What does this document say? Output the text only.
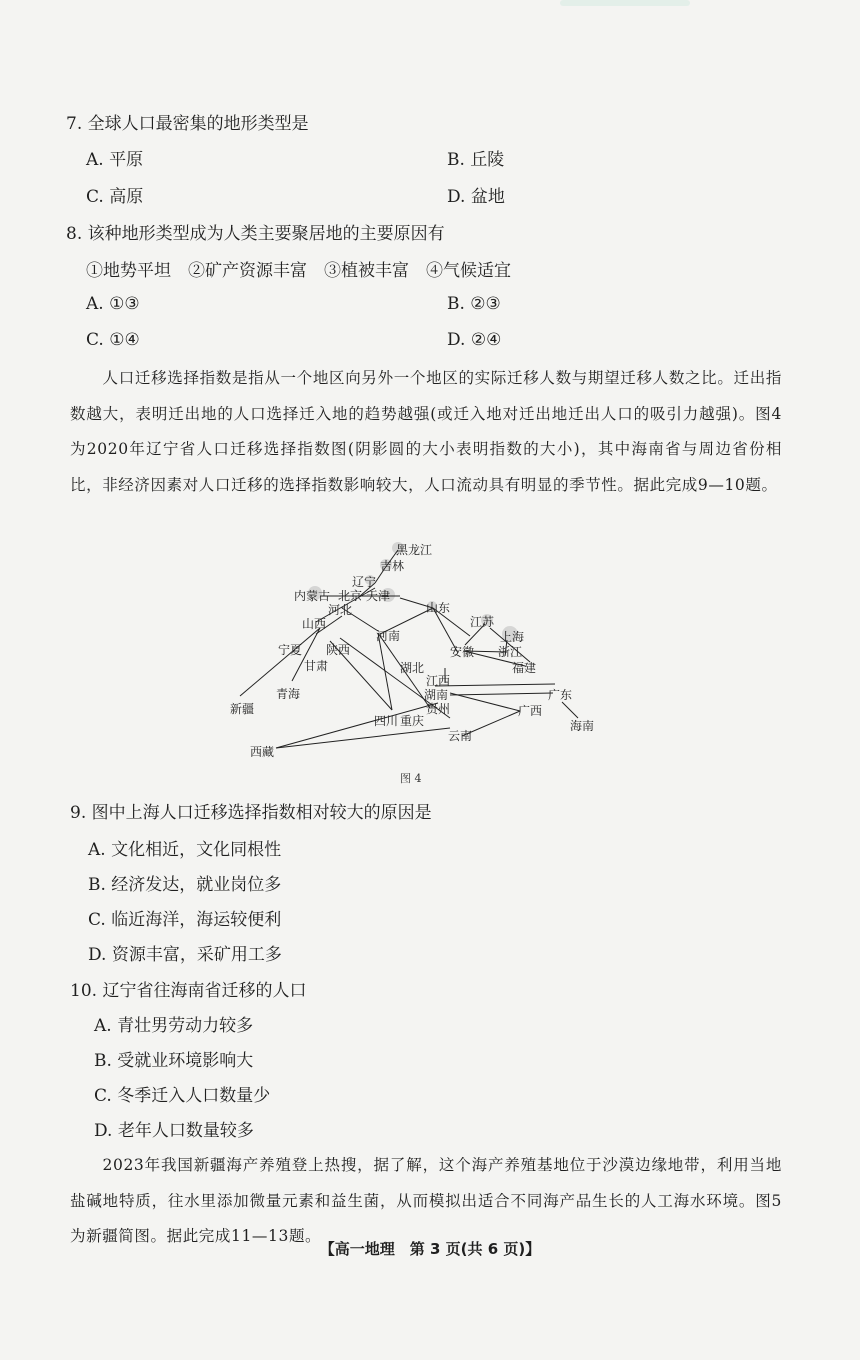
7. 全球人口最密集的地形类型是
A. 平原	B. 丘陵
C. 高原	D. 盆地
8. 该种地形类型成为人类主要聚居地的主要原因有
①地势平坦　②矿产资源丰富　③植被丰富　④气候适宜
A. ①③	B. ②③
C. ①④	D. ②④
人口迁移选择指数是指从一个地区向另外一个地区的实际迁移人数与期望迁移人数之比。迁出指数越大，表明迁出地的人口选择迁入地的趋势越强(或迁入地对迁出地迁出人口的吸引力越强)。图4为2020年辽宁省人口迁移选择指数图(阴影圆的大小表明指数的大小)，其中海南省与周边省份相比，非经济因素对人口迁移的选择指数影响较大，人口流动具有明显的季节性。据此完成9—10题。
黑龙江
吉林
辽宁
内蒙古 北京 天津
河北
山西
山东
江苏
上海
河南
安徽 浙江
宁夏 陕西
甘肃
青海
湖北	福建
江西
湖南
贵州
广东
新疆
四川 重庆
广西
海南
云南
西藏
图 4
9. 图中上海人口迁移选择指数相对较大的原因是
A. 文化相近，文化同根性
B. 经济发达，就业岗位多
C. 临近海洋，海运较便利
D. 资源丰富，采矿用工多
10. 辽宁省往海南省迁移的人口
A. 青壮男劳动力较多
B. 受就业环境影响大
C. 冬季迁入人口数量少
D. 老年人口数量较多
2023年我国新疆海产养殖登上热搜，据了解，这个海产养殖基地位于沙漠边缘地带，利用当地盐碱地特质，往水里添加微量元素和益生菌，从而模拟出适合不同海产品生长的人工海水环境。图5为新疆简图。据此完成11—13题。
【高一地理　第 3 页(共 6 页)】
